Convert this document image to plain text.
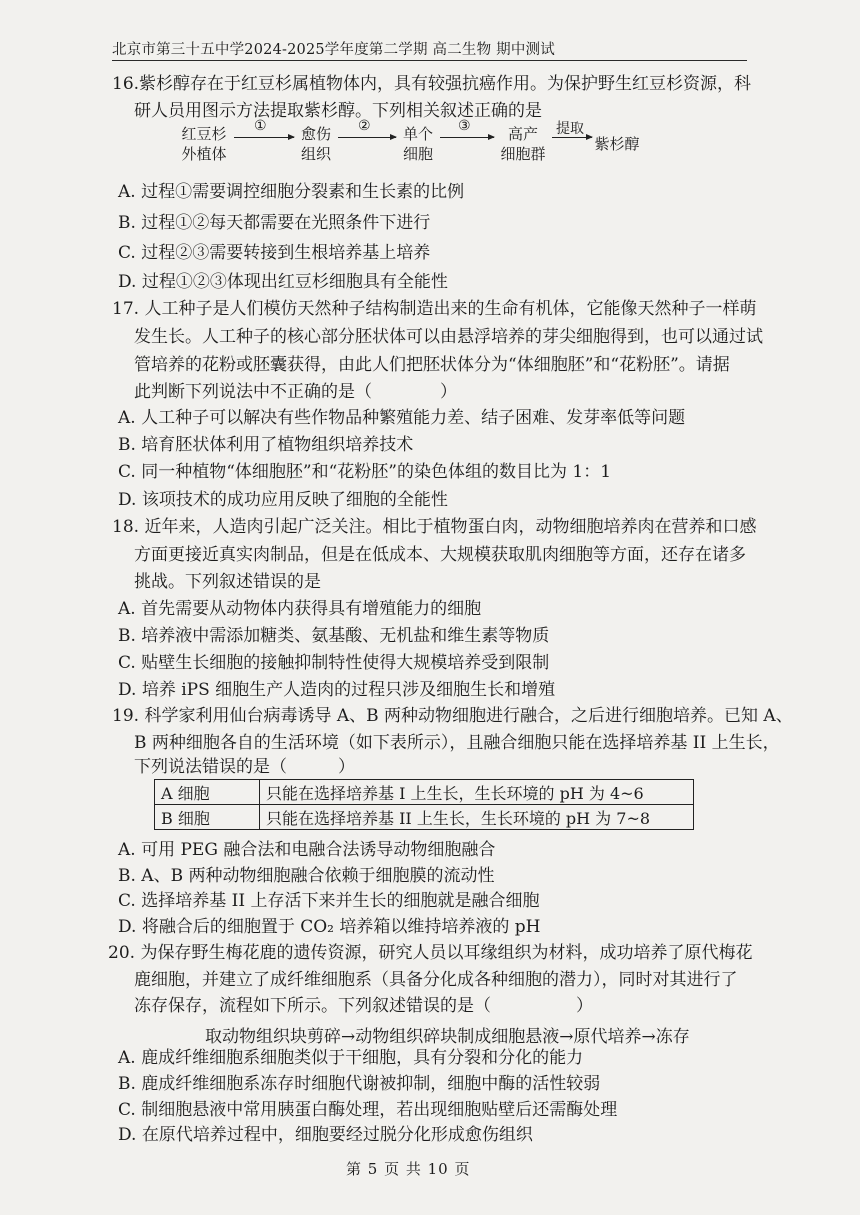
北京市第三十五中学2024-2025学年度第二学期 高二生物 期中测试
16.紫杉醇存在于红豆杉属植物体内，具有较强抗癌作用。为保护野生红豆杉资源，科
研人员用图示方法提取紫杉醇。下列相关叙述正确的是
红豆杉
外植体
①	愈伤
组织
②	单个
细胞
③	高产
细胞群
提取
紫杉醇
A. 过程①需要调控细胞分裂素和生长素的比例
B. 过程①②每天都需要在光照条件下进行
C. 过程②③需要转接到生根培养基上培养
D. 过程①②③体现出红豆杉细胞具有全能性
17. 人工种子是人们模仿天然种子结构制造出来的生命有机体，它能像天然种子一样萌
发生长。人工种子的核心部分胚状体可以由悬浮培养的芽尖细胞得到，也可以通过试
管培养的花粉或胚囊获得，由此人们把胚状体分为“体细胞胚”和“花粉胚”。请据
此判断下列说法中不正确的是（　　　　）
A. 人工种子可以解决有些作物品种繁殖能力差、结子困难、发芽率低等问题
B. 培育胚状体利用了植物组织培养技术
C. 同一种植物“体细胞胚”和“花粉胚”的染色体组的数目比为 1：1
D. 该项技术的成功应用反映了细胞的全能性
18. 近年来，人造肉引起广泛关注。相比于植物蛋白肉，动物细胞培养肉在营养和口感
方面更接近真实肉制品，但是在低成本、大规模获取肌肉细胞等方面，还存在诸多
挑战。下列叙述错误的是
A. 首先需要从动物体内获得具有增殖能力的细胞
B. 培养液中需添加糖类、氨基酸、无机盐和维生素等物质
C. 贴壁生长细胞的接触抑制特性使得大规模培养受到限制
D. 培养 iPS 细胞生产人造肉的过程只涉及细胞生长和增殖
19. 科学家利用仙台病毒诱导 A、B 两种动物细胞进行融合，之后进行细胞培养。已知 A、
B 两种细胞各自的生活环境（如下表所示），且融合细胞只能在选择培养基 II 上生长，
下列说法错误的是（　　　）
A 细胞	只能在选择培养基 I 上生长，生长环境的 pH 为 4~6
B 细胞	只能在选择培养基 II 上生长，生长环境的 pH 为 7~8
A. 可用 PEG 融合法和电融合法诱导动物细胞融合
B. A、B 两种动物细胞融合依赖于细胞膜的流动性
C. 选择培养基 II 上存活下来并生长的细胞就是融合细胞
D. 将融合后的细胞置于 CO₂ 培养箱以维持培养液的 pH
20. 为保存野生梅花鹿的遗传资源，研究人员以耳缘组织为材料，成功培养了原代梅花
鹿细胞，并建立了成纤维细胞系（具备分化成各种细胞的潜力），同时对其进行了
冻存保存，流程如下所示。下列叙述错误的是（　　　　　）
取动物组织块剪碎→动物组织碎块制成细胞悬液→原代培养→冻存
A. 鹿成纤维细胞系细胞类似于干细胞，具有分裂和分化的能力
B. 鹿成纤维细胞系冻存时细胞代谢被抑制，细胞中酶的活性较弱
C. 制细胞悬液中常用胰蛋白酶处理，若出现细胞贴壁后还需酶处理
D. 在原代培养过程中，细胞要经过脱分化形成愈伤组织
第 5 页 共 10 页
